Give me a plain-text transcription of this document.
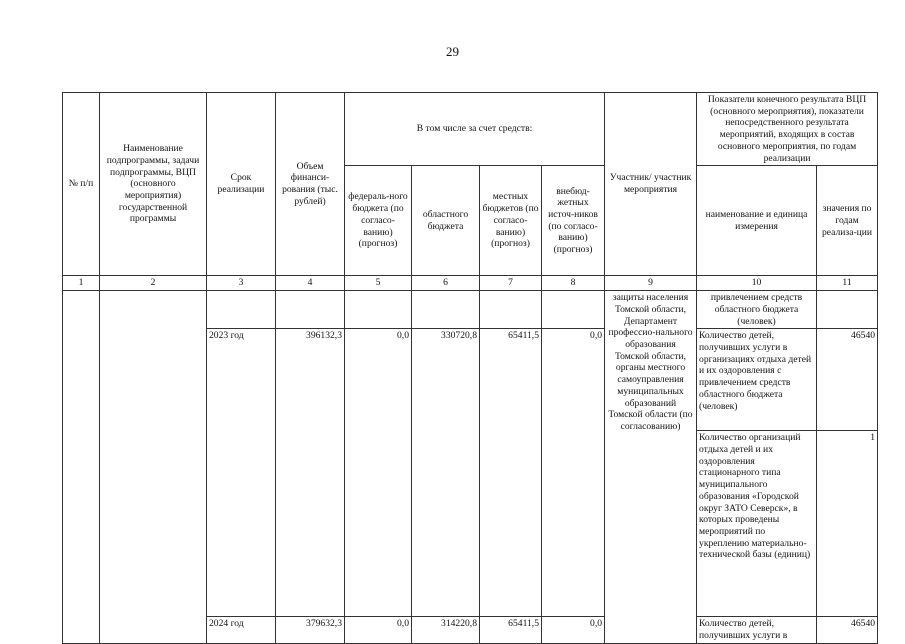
29
№ п/п	Наименование подпрограммы, задачи подпрограммы, ВЦП (основного мероприятия) государственной программы	Срок реализации	Объем финанси-рования (тыс. рублей)	В том числе за счет средств:				Участник/ участник мероприятия	Показатели конечного результата ВЦП (основного мероприятия), показатели непосредственного результата мероприятий, входящих в состав основного мероприятия, по годам реализации	
				федераль-ного бюджета (по согласо-ванию) (прогноз)	областного бюджета	местных бюджетов (по согласо-ванию) (прогноз)	внебюд-жетных источ-ников (по согласо-ванию) (прогноз)		наименование и единица измерения	значения по годам реализа-ции
1	2	3	4	5	6	7	8	9	10	11
								защиты населения Томской области, Департамент профессио-нального образования Томской области, органы местного самоуправления муниципальных образований Томской области (по согласованию)	привлечением средств областного бюджета (человек)	
		2023 год	396132,3	0,0	330720,8	65411,5	0,0		Количество детей, получивших услуги в организациях отдыха детей и их оздоровления с привлечением средств областного бюджета (человек)	46540
									Количество организаций отдыха детей и их оздоровления стационарного типа муниципального образования «Городской округ ЗАТО Северск», в которых проведены мероприятий по укреплению материально-технической базы (единиц)	1
		2024 год	379632,3	0,0	314220,8	65411,5	0,0		Количество детей, получивших услуги в	46540
